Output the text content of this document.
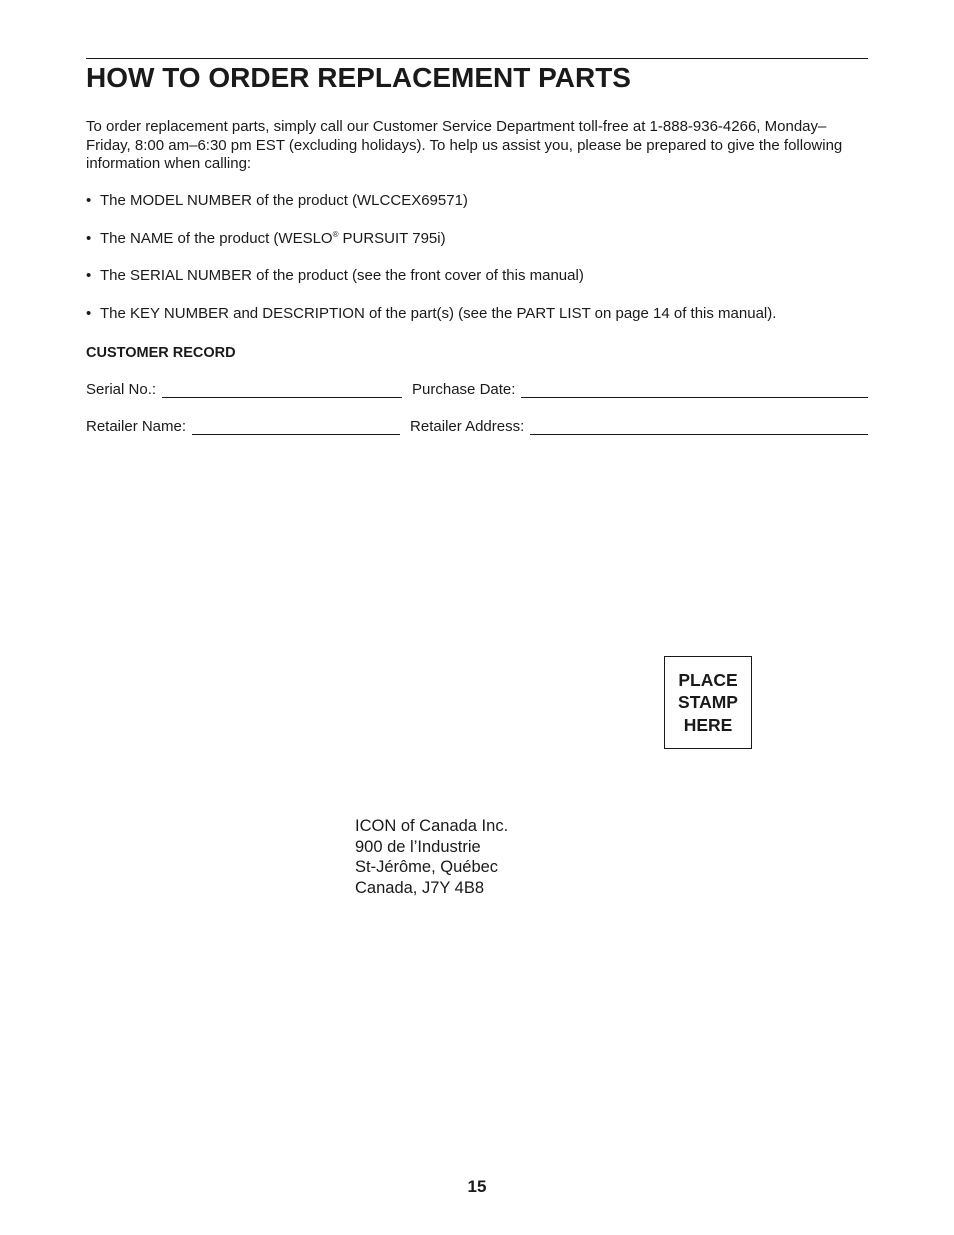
HOW TO ORDER REPLACEMENT PARTS

To order replacement parts, simply call our Customer Service Department toll-free at 1-888-936-4266, Monday–Friday, 8:00 am–6:30 pm EST (excluding holidays). To help us assist you, please be prepared to give the following information when calling:

• The MODEL NUMBER of the product (WLCCEX69571)
• The NAME of the product (WESLO® PURSUIT 795i)
• The SERIAL NUMBER of the product (see the front cover of this manual)
• The KEY NUMBER and DESCRIPTION of the part(s) (see the PART LIST on page 14 of this manual).
CUSTOMER RECORD
Serial No.:	Purchase Date:
Retailer Name:	Retailer Address:
PLACE
STAMP
HERE
ICON of Canada Inc.
900 de l’Industrie
St-Jérôme, Québec
Canada, J7Y 4B8
15
